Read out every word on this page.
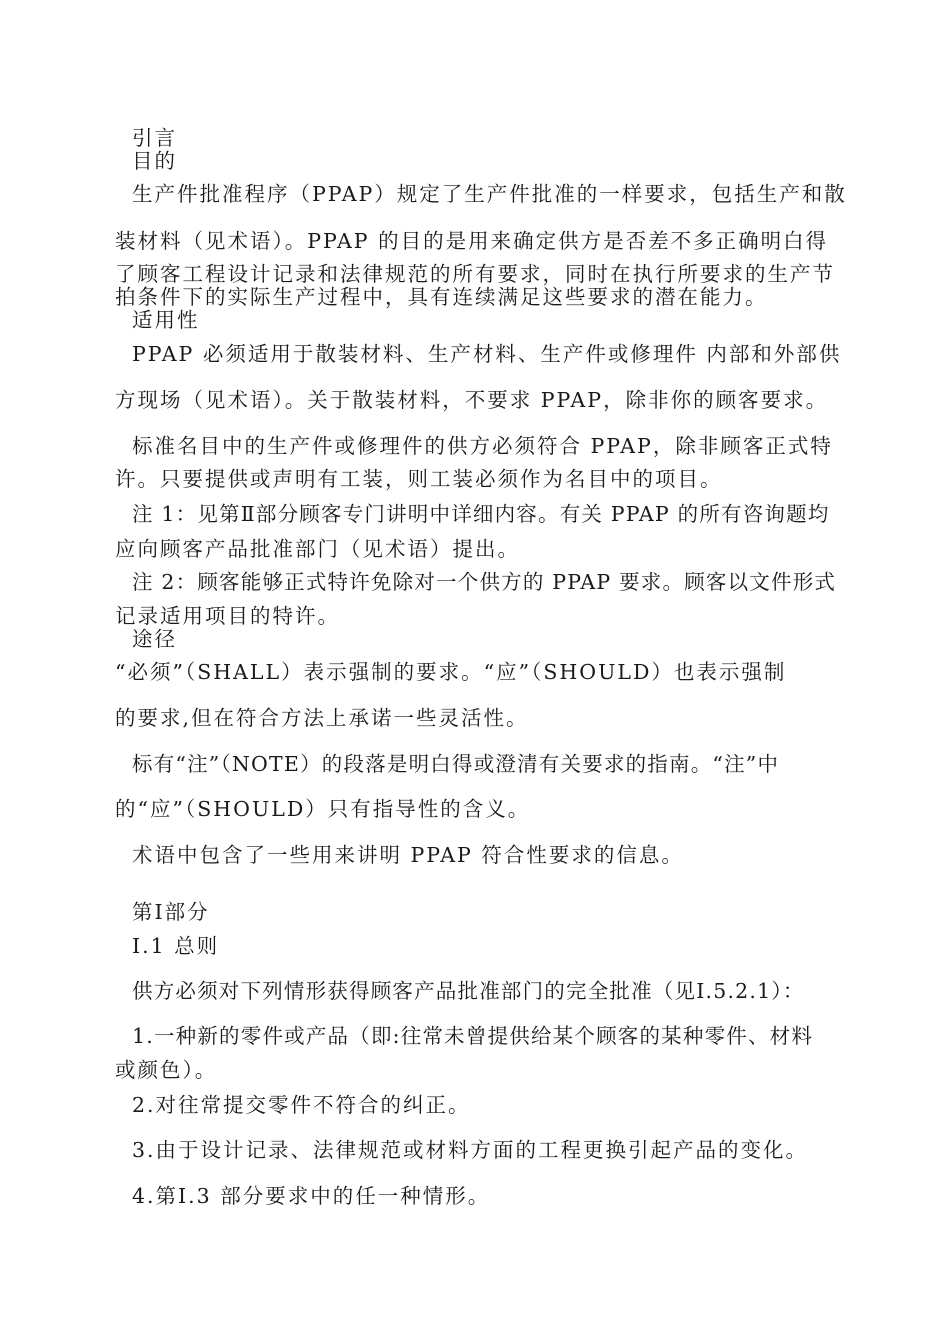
引言
目的
生产件批准程序（PPAP）规定了生产件批准的一样要求，包括生产和散
装材料（见术语）。PPAP 的目的是用来确定供方是否差不多正确明白得
了顾客工程设计记录和法律规范的所有要求，同时在执行所要求的生产节
拍条件下的实际生产过程中，具有连续满足这些要求的潜在能力。
适用性
PPAP 必须适用于散装材料、生产材料、生产件或修理件 内部和外部供
方现场（见术语）。关于散装材料，不要求 PPAP，除非你的顾客要求。
标准名目中的生产件或修理件的供方必须符合 PPAP，除非顾客正式特
许。只要提供或声明有工装，则工装必须作为名目中的项目。
注 1：见第Ⅱ部分顾客专门讲明中详细内容。有关 PPAP 的所有咨询题均
应向顾客产品批准部门（见术语）提出。
注 2：顾客能够正式特许免除对一个供方的 PPAP 要求。顾客以文件形式
记录适用项目的特许。
途径
“必须”（SHALL）表示强制的要求。“应”（SHOULD）也表示强制
的要求,但在符合方法上承诺一些灵活性。
标有“注”（NOTE）的段落是明白得或澄清有关要求的指南。“注”中
的“应”（SHOULD）只有指导性的含义。
术语中包含了一些用来讲明 PPAP 符合性要求的信息。
第Ⅰ部分
Ⅰ.1 总则
供方必须对下列情形获得顾客产品批准部门的完全批准（见Ⅰ.5.2.1）：
1.一种新的零件或产品（即:往常未曾提供给某个顾客的某种零件、材料
或颜色）。
2.对往常提交零件不符合的纠正。
3.由于设计记录、法律规范或材料方面的工程更换引起产品的变化。
4.第Ⅰ.3 部分要求中的任一种情形。
